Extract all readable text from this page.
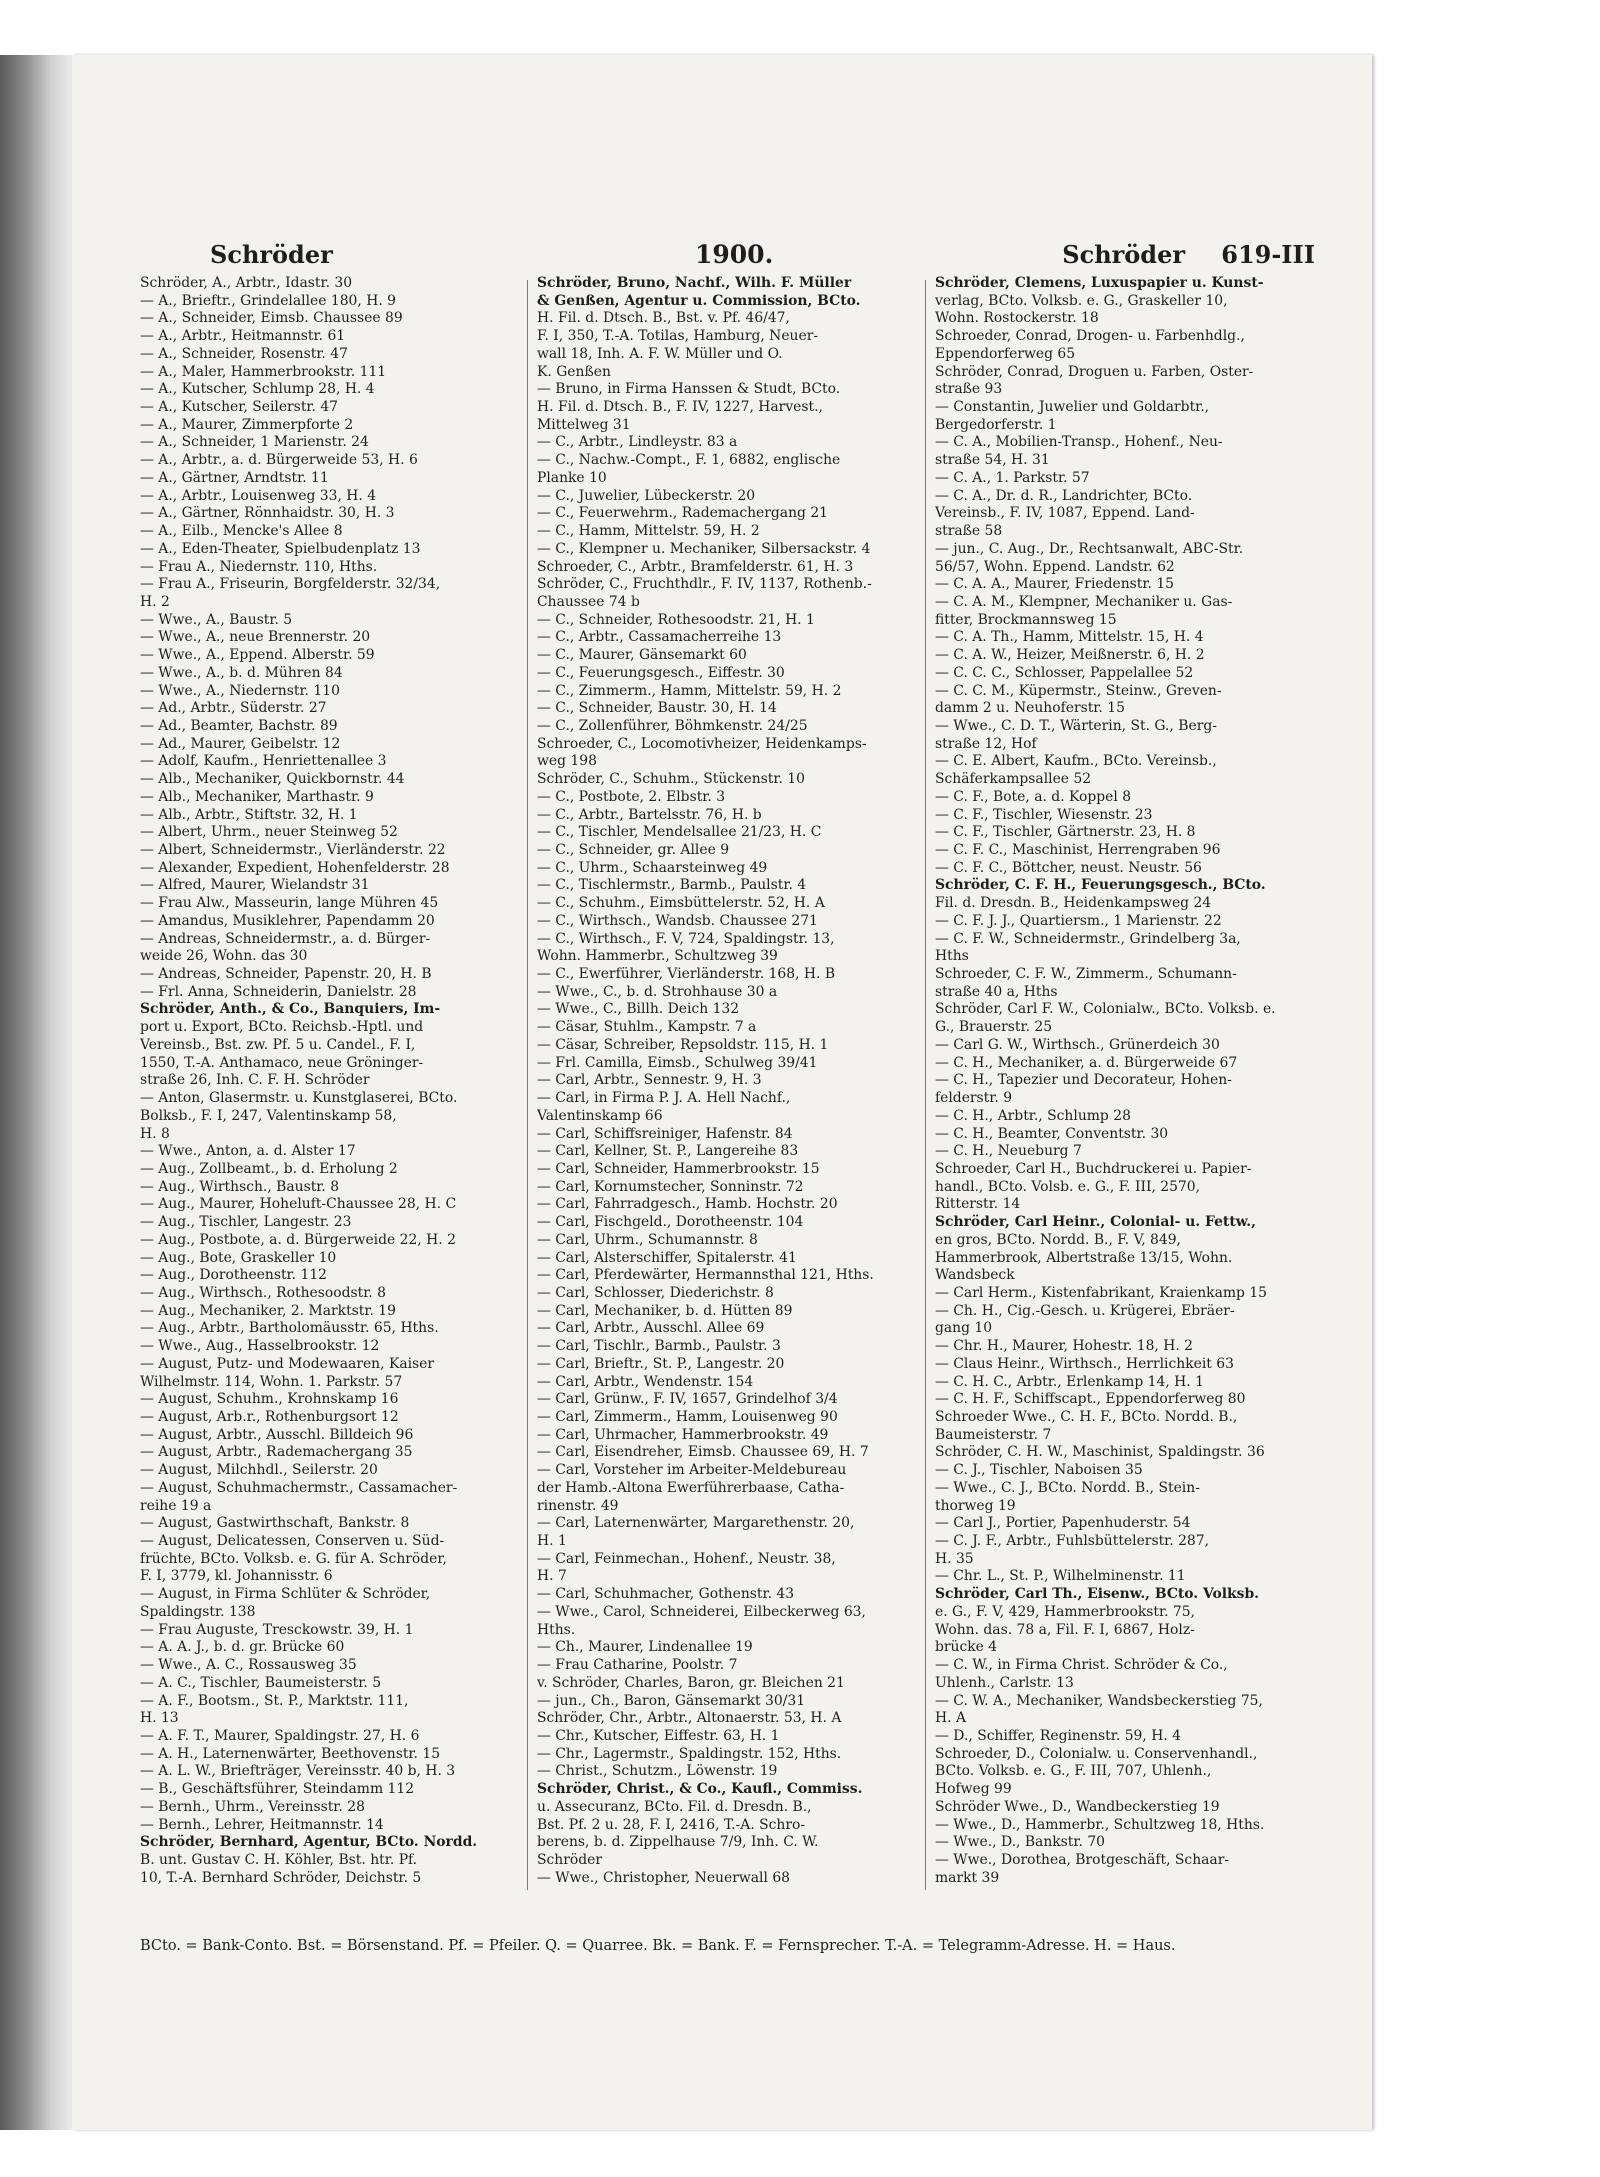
Schröder	1900.	Schröder 619-III
Schröder, A., Arbtr., Idastr. 30
— A., Brieftr., Grindelallee 180, H. 9
— A., Schneider, Eimsb. Chaussee 89
— A., Arbtr., Heitmannstr. 61
— A., Schneider, Rosenstr. 47
— A., Maler, Hammerbrookstr. 111
— A., Kutscher, Schlump 28, H. 4
— A., Kutscher, Seilerstr. 47
— A., Maurer, Zimmerpforte 2
— A., Schneider, 1 Marienstr. 24
— A., Arbtr., a. d. Bürgerweide 53, H. 6
— A., Gärtner, Arndtstr. 11
— A., Arbtr., Louisenweg 33, H. 4
— A., Gärtner, Rönnhaidstr. 30, H. 3
— A., Eilb., Mencke's Allee 8
— A., Eden-Theater, Spielbudenplatz 13
— Frau A., Niedernstr. 110, Hths.
— Frau A., Friseurin, Borgfelderstr. 32/34,
H. 2
— Wwe., A., Baustr. 5
— Wwe., A., neue Brennerstr. 20
— Wwe., A., Eppend. Alberstr. 59
— Wwe., A., b. d. Mühren 84
— Wwe., A., Niedernstr. 110
— Ad., Arbtr., Süderstr. 27
— Ad., Beamter, Bachstr. 89
— Ad., Maurer, Geibelstr. 12
— Adolf, Kaufm., Henriettenallee 3
— Alb., Mechaniker, Quickbornstr. 44
— Alb., Mechaniker, Marthastr. 9
— Alb., Arbtr., Stiftstr. 32, H. 1
— Albert, Uhrm., neuer Steinweg 52
— Albert, Schneidermstr., Vierländerstr. 22
— Alexander, Expedient, Hohenfelderstr. 28
— Alfred, Maurer, Wielandstr 31
— Frau Alw., Masseurin, lange Mühren 45
— Amandus, Musiklehrer, Papendamm 20
— Andreas, Schneidermstr., a. d. Bürger-
weide 26, Wohn. das 30
— Andreas, Schneider, Papenstr. 20, H. B
— Frl. Anna, Schneiderin, Danielstr. 28
Schröder, Anth., & Co., Banquiers, Im-
port u. Export, BCto. Reichsb.-Hptl. und
Vereinsb., Bst. zw. Pf. 5 u. Candel., F. I,
1550, T.-A. Anthamaco, neue Gröninger-
straße 26, Inh. C. F. H. Schröder
— Anton, Glasermstr. u. Kunstglaserei, BCto.
Bolksb., F. I, 247, Valentinskamp 58,
H. 8
— Wwe., Anton, a. d. Alster 17
— Aug., Zollbeamt., b. d. Erholung 2
— Aug., Wirthsch., Baustr. 8
— Aug., Maurer, Hoheluft-Chaussee 28, H. C
— Aug., Tischler, Langestr. 23
— Aug., Postbote, a. d. Bürgerweide 22, H. 2
— Aug., Bote, Graskeller 10
— Aug., Dorotheenstr. 112
— Aug., Wirthsch., Rothesoodstr. 8
— Aug., Mechaniker, 2. Marktstr. 19
— Aug., Arbtr., Bartholomäusstr. 65, Hths.
— Wwe., Aug., Hasselbrookstr. 12
— August, Putz- und Modewaaren, Kaiser
Wilhelmstr. 114, Wohn. 1. Parkstr. 57
— August, Schuhm., Krohnskamp 16
— August, Arb.r., Rothenburgsort 12
— August, Arbtr., Ausschl. Billdeich 96
— August, Arbtr., Rademachergang 35
— August, Milchhdl., Seilerstr. 20
— August, Schuhmachermstr., Cassamacher-
reihe 19 a
— August, Gastwirthschaft, Bankstr. 8
— August, Delicatessen, Conserven u. Süd-
früchte, BCto. Volksb. e. G. für A. Schröder,
F. I, 3779, kl. Johannisstr. 6
— August, in Firma Schlüter & Schröder,
Spaldingstr. 138
— Frau Auguste, Tresckowstr. 39, H. 1
— A. A. J., b. d. gr. Brücke 60
— Wwe., A. C., Rossausweg 35
— A. C., Tischler, Baumeisterstr. 5
— A. F., Bootsm., St. P., Marktstr. 111,
H. 13
— A. F. T., Maurer, Spaldingstr. 27, H. 6
— A. H., Laternenwärter, Beethovenstr. 15
— A. L. W., Briefträger, Vereinsstr. 40 b, H. 3
— B., Geschäftsführer, Steindamm 112
— Bernh., Uhrm., Vereinsstr. 28
— Bernh., Lehrer, Heitmannstr. 14
Schröder, Bernhard, Agentur, BCto. Nordd.
B. unt. Gustav C. H. Köhler, Bst. htr. Pf.
10, T.-A. Bernhard Schröder, Deichstr. 5
Schröder, Bruno, Nachf., Wilh. F. Müller
& Genßen, Agentur u. Commission, BCto.
H. Fil. d. Dtsch. B., Bst. v. Pf. 46/47,
F. I, 350, T.-A. Totilas, Hamburg, Neuer-
wall 18, Inh. A. F. W. Müller und O.
K. Genßen
— Bruno, in Firma Hanssen & Studt, BCto.
H. Fil. d. Dtsch. B., F. IV, 1227, Harvest.,
Mittelweg 31
— C., Arbtr., Lindleystr. 83 a
— C., Nachw.-Compt., F. 1, 6882, englische
Planke 10
— C., Juwelier, Lübeckerstr. 20
— C., Feuerwehrm., Rademachergang 21
— C., Hamm, Mittelstr. 59, H. 2
— C., Klempner u. Mechaniker, Silbersackstr. 4
Schroeder, C., Arbtr., Bramfelderstr. 61, H. 3
Schröder, C., Fruchthdlr., F. IV, 1137, Rothenb.-
Chaussee 74 b
— C., Schneider, Rothesoodstr. 21, H. 1
— C., Arbtr., Cassamacherreihe 13
— C., Maurer, Gänsemarkt 60
— C., Feuerungsgesch., Eiffestr. 30
— C., Zimmerm., Hamm, Mittelstr. 59, H. 2
— C., Schneider, Baustr. 30, H. 14
— C., Zollenführer, Böhmkenstr. 24/25
Schroeder, C., Locomotivheizer, Heidenkamps-
weg 198
Schröder, C., Schuhm., Stückenstr. 10
— C., Postbote, 2. Elbstr. 3
— C., Arbtr., Bartelsstr. 76, H. b
— C., Tischler, Mendelsallee 21/23, H. C
— C., Schneider, gr. Allee 9
— C., Uhrm., Schaarsteinweg 49
— C., Tischlermstr., Barmb., Paulstr. 4
— C., Schuhm., Eimsbüttelerstr. 52, H. A
— C., Wirthsch., Wandsb. Chaussee 271
— C., Wirthsch., F. V, 724, Spaldingstr. 13,
Wohn. Hammerbr., Schultzweg 39
— C., Ewerführer, Vierländerstr. 168, H. B
— Wwe., C., b. d. Strohhause 30 a
— Wwe., C., Billh. Deich 132
— Cäsar, Stuhlm., Kampstr. 7 a
— Cäsar, Schreiber, Repsoldstr. 115, H. 1
— Frl. Camilla, Eimsb., Schulweg 39/41
— Carl, Arbtr., Sennestr. 9, H. 3
— Carl, in Firma P. J. A. Hell Nachf.,
Valentinskamp 66
— Carl, Schiffsreiniger, Hafenstr. 84
— Carl, Kellner, St. P., Langereihe 83
— Carl, Schneider, Hammerbrookstr. 15
— Carl, Kornumstecher, Sonninstr. 72
— Carl, Fahrradgesch., Hamb. Hochstr. 20
— Carl, Fischgeld., Dorotheenstr. 104
— Carl, Uhrm., Schumannstr. 8
— Carl, Alsterschiffer, Spitalerstr. 41
— Carl, Pferdewärter, Hermannsthal 121, Hths.
— Carl, Schlosser, Diederichstr. 8
— Carl, Mechaniker, b. d. Hütten 89
— Carl, Arbtr., Ausschl. Allee 69
— Carl, Tischlr., Barmb., Paulstr. 3
— Carl, Brieftr., St. P., Langestr. 20
— Carl, Arbtr., Wendenstr. 154
— Carl, Grünw., F. IV, 1657, Grindelhof 3/4
— Carl, Zimmerm., Hamm, Louisenweg 90
— Carl, Uhrmacher, Hammerbrookstr. 49
— Carl, Eisendreher, Eimsb. Chaussee 69, H. 7
— Carl, Vorsteher im Arbeiter-Meldebureau
der Hamb.-Altona Ewerführerbaase, Catha-
rinenstr. 49
— Carl, Laternenwärter, Margarethenstr. 20,
H. 1
— Carl, Feinmechan., Hohenf., Neustr. 38,
H. 7
— Carl, Schuhmacher, Gothenstr. 43
— Wwe., Carol, Schneiderei, Eilbeckerweg 63,
Hths.
— Ch., Maurer, Lindenallee 19
— Frau Catharine, Poolstr. 7
v. Schröder, Charles, Baron, gr. Bleichen 21
— jun., Ch., Baron, Gänsemarkt 30/31
Schröder, Chr., Arbtr., Altonaerstr. 53, H. A
— Chr., Kutscher, Eiffestr. 63, H. 1
— Chr., Lagermstr., Spaldingstr. 152, Hths.
— Christ., Schutzm., Löwenstr. 19
Schröder, Christ., & Co., Kaufl., Commiss.
u. Assecuranz, BCto. Fil. d. Dresdn. B.,
Bst. Pf. 2 u. 28, F. I, 2416, T.-A. Schro-
berens, b. d. Zippelhause 7/9, Inh. C. W.
Schröder
— Wwe., Christopher, Neuerwall 68
Schröder, Clemens, Luxuspapier u. Kunst-
verlag, BCto. Volksb. e. G., Graskeller 10,
Wohn. Rostockerstr. 18
Schroeder, Conrad, Drogen- u. Farbenhdlg.,
Eppendorferweg 65
Schröder, Conrad, Droguen u. Farben, Oster-
straße 93
— Constantin, Juwelier und Goldarbtr.,
Bergedorferstr. 1
— C. A., Mobilien-Transp., Hohenf., Neu-
straße 54, H. 31
— C. A., 1. Parkstr. 57
— C. A., Dr. d. R., Landrichter, BCto.
Vereinsb., F. IV, 1087, Eppend. Land-
straße 58
— jun., C. Aug., Dr., Rechtsanwalt, ABC-Str.
56/57, Wohn. Eppend. Landstr. 62
— C. A. A., Maurer, Friedenstr. 15
— C. A. M., Klempner, Mechaniker u. Gas-
fitter, Brockmannsweg 15
— C. A. Th., Hamm, Mittelstr. 15, H. 4
— C. A. W., Heizer, Meißnerstr. 6, H. 2
— C. C. C., Schlosser, Pappelallee 52
— C. C. M., Küpermstr., Steinw., Greven-
damm 2 u. Neuhoferstr. 15
— Wwe., C. D. T., Wärterin, St. G., Berg-
straße 12, Hof
— C. E. Albert, Kaufm., BCto. Vereinsb.,
Schäferkampsallee 52
— C. F., Bote, a. d. Koppel 8
— C. F., Tischler, Wiesenstr. 23
— C. F., Tischler, Gärtnerstr. 23, H. 8
— C. F. C., Maschinist, Herrengraben 96
— C. F. C., Böttcher, neust. Neustr. 56
Schröder, C. F. H., Feuerungsgesch., BCto.
Fil. d. Dresdn. B., Heidenkampsweg 24
— C. F. J. J., Quartiersm., 1 Marienstr. 22
— C. F. W., Schneidermstr., Grindelberg 3a,
Hths
Schroeder, C. F. W., Zimmerm., Schumann-
straße 40 a, Hths
Schröder, Carl F. W., Colonialw., BCto. Volksb. e.
G., Brauerstr. 25
— Carl G. W., Wirthsch., Grünerdeich 30
— C. H., Mechaniker, a. d. Bürgerweide 67
— C. H., Tapezier und Decorateur, Hohen-
felderstr. 9
— C. H., Arbtr., Schlump 28
— C. H., Beamter, Conventstr. 30
— C. H., Neueburg 7
Schroeder, Carl H., Buchdruckerei u. Papier-
handl., BCto. Volsb. e. G., F. III, 2570,
Ritterstr. 14
Schröder, Carl Heinr., Colonial- u. Fettw.,
en gros, BCto. Nordd. B., F. V, 849,
Hammerbrook, Albertstraße 13/15, Wohn.
Wandsbeck
— Carl Herm., Kistenfabrikant, Kraienkamp 15
— Ch. H., Cig.-Gesch. u. Krügerei, Ebräer-
gang 10
— Chr. H., Maurer, Hohestr. 18, H. 2
— Claus Heinr., Wirthsch., Herrlichkeit 63
— C. H. C., Arbtr., Erlenkamp 14, H. 1
— C. H. F., Schiffscapt., Eppendorferweg 80
Schroeder Wwe., C. H. F., BCto. Nordd. B.,
Baumeisterstr. 7
Schröder, C. H. W., Maschinist, Spaldingstr. 36
— C. J., Tischler, Naboisen 35
— Wwe., C. J., BCto. Nordd. B., Stein-
thorweg 19
— Carl J., Portier, Papenhuderstr. 54
— C. J. F., Arbtr., Fuhlsbüttelerstr. 287,
H. 35
— Chr. L., St. P., Wilhelminenstr. 11
Schröder, Carl Th., Eisenw., BCto. Volksb.
e. G., F. V, 429, Hammerbrookstr. 75,
Wohn. das. 78 a, Fil. F. I, 6867, Holz-
brücke 4
— C. W., in Firma Christ. Schröder & Co.,
Uhlenh., Carlstr. 13
— C. W. A., Mechaniker, Wandsbeckerstieg 75,
H. A
— D., Schiffer, Reginenstr. 59, H. 4
Schroeder, D., Colonialw. u. Conservenhandl.,
BCto. Volksb. e. G., F. III, 707, Uhlenh.,
Hofweg 99
Schröder Wwe., D., Wandbeckerstieg 19
— Wwe., D., Hammerbr., Schultzweg 18, Hths.
— Wwe., D., Bankstr. 70
— Wwe., Dorothea, Brotgeschäft, Schaar-
markt 39
BCto. = Bank-Conto. Bst. = Börsenstand. Pf. = Pfeiler. Q. = Quarree. Bk. = Bank. F. = Fernsprecher. T.-A. = Telegramm-Adresse. H. = Haus.
